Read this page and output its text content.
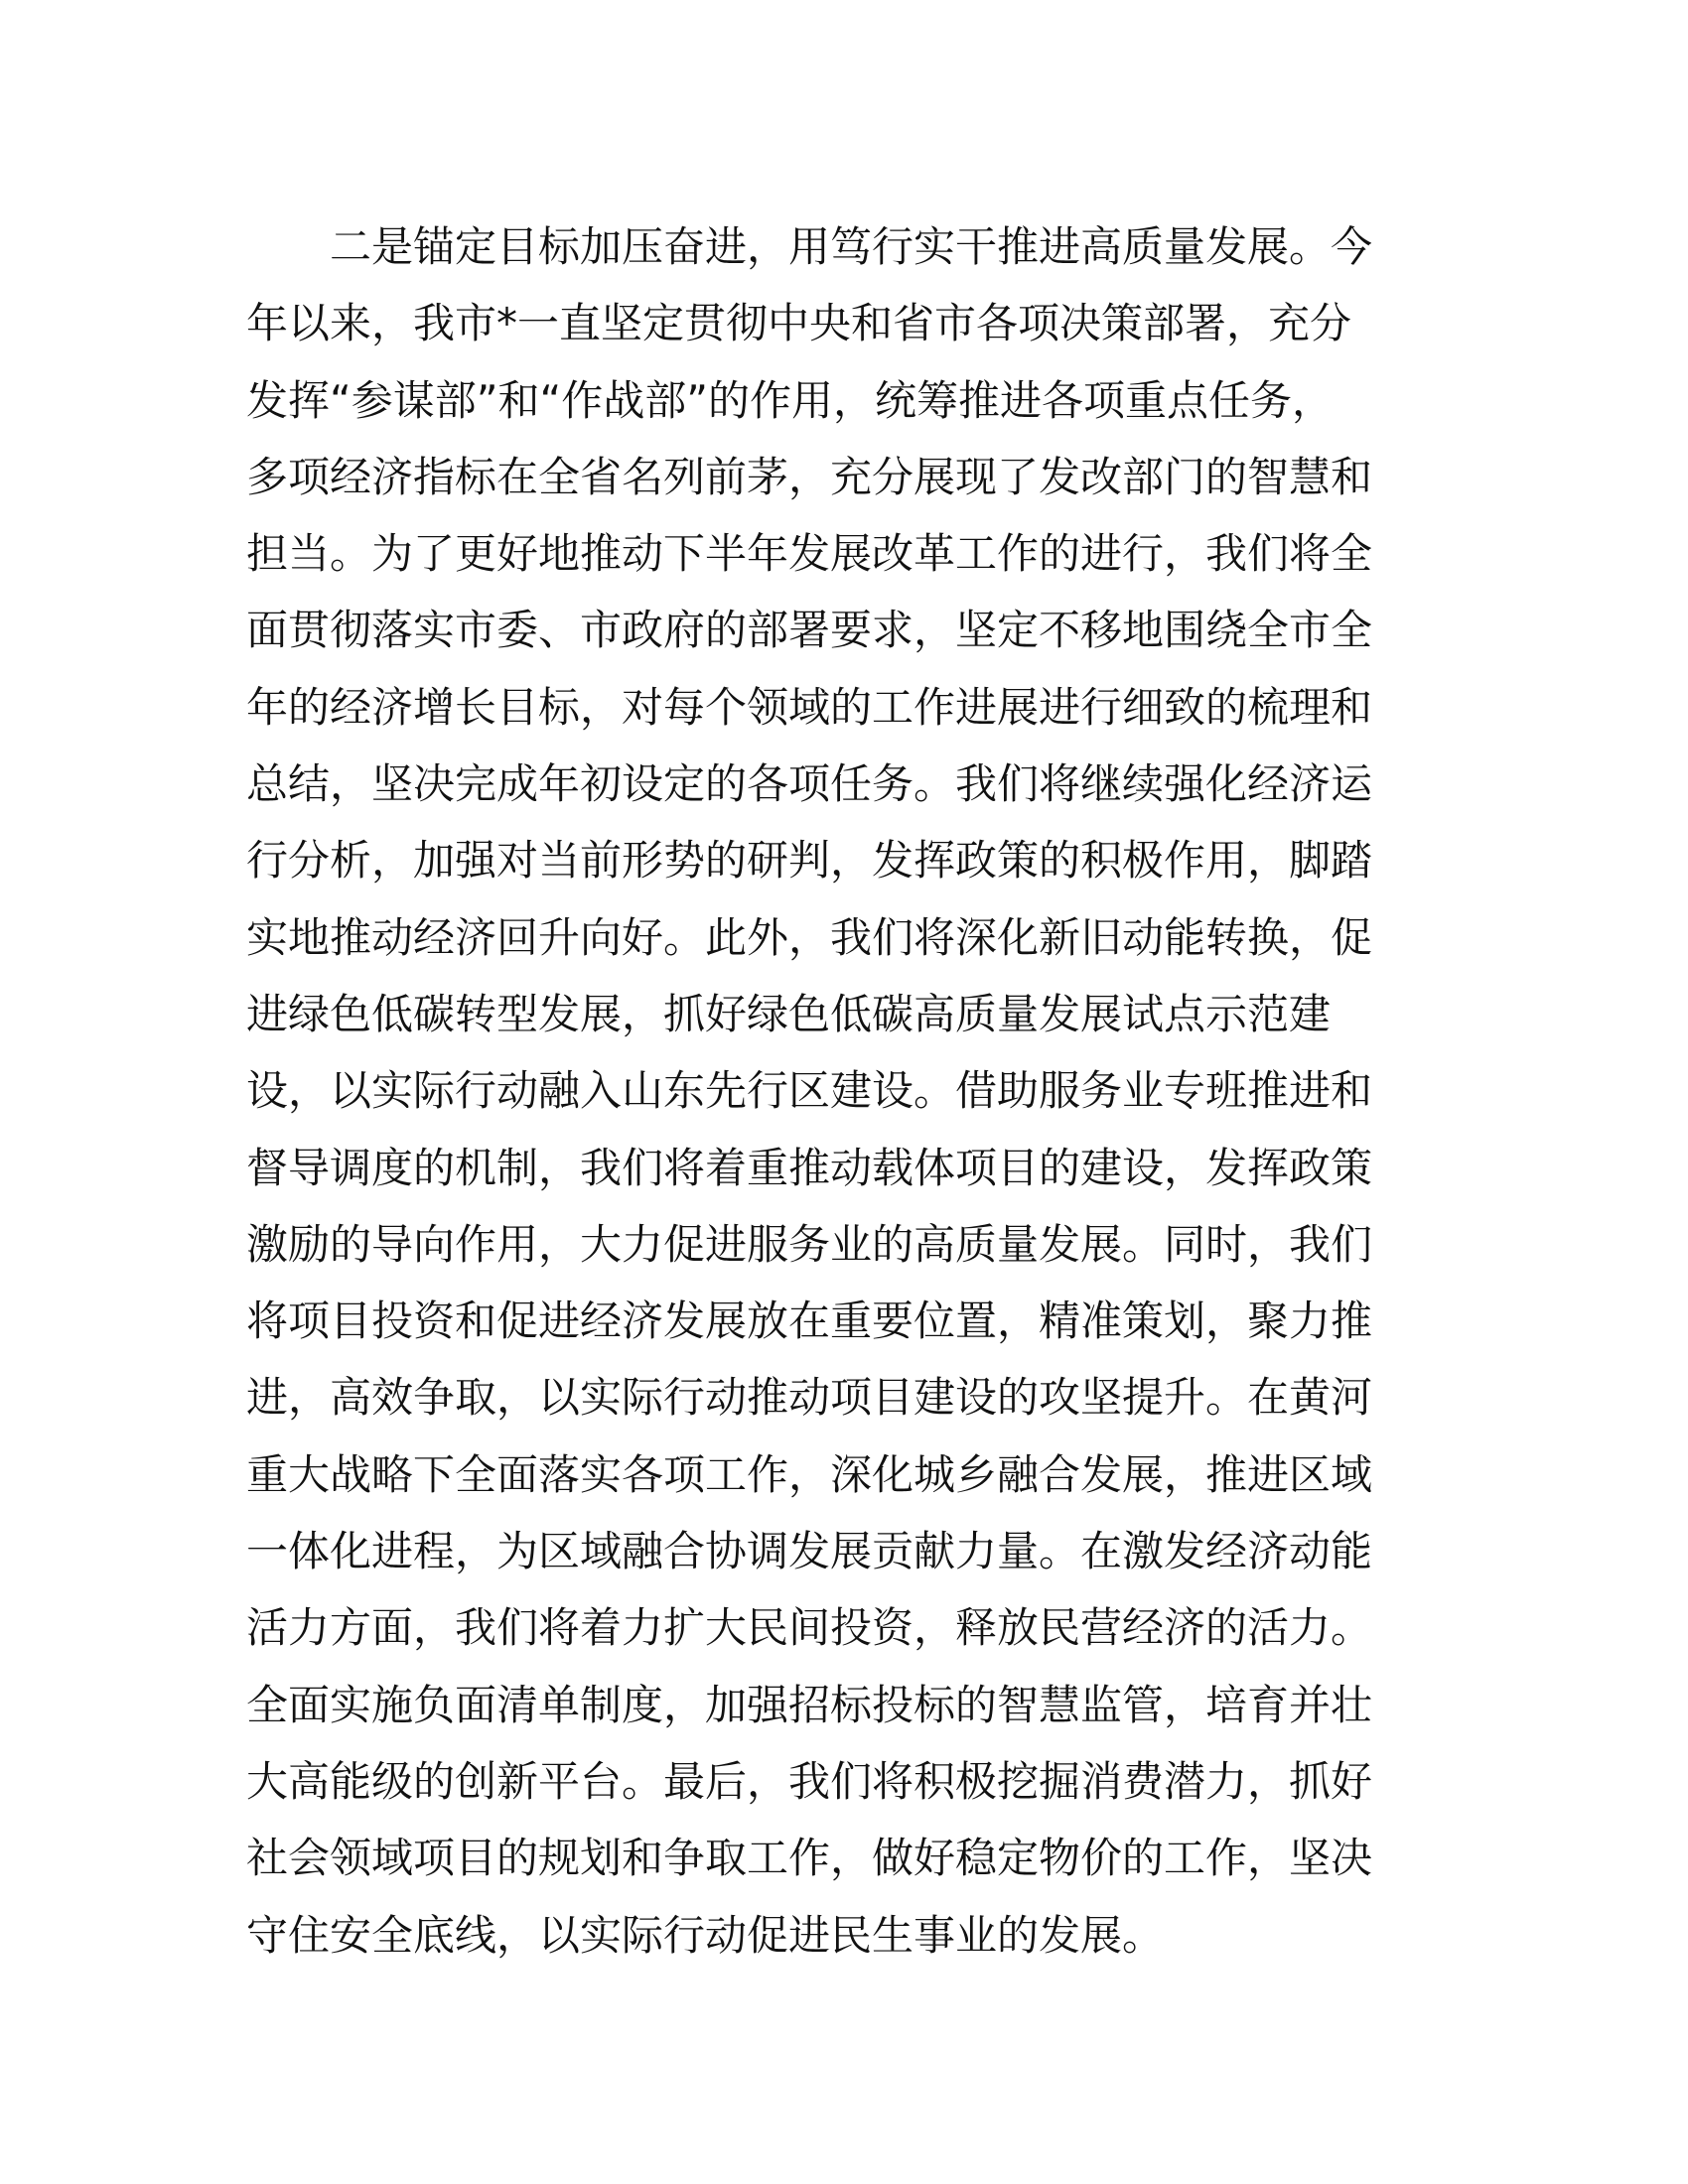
二是锚定目标加压奋进，用笃行实干推进高质量发展。今
年以来，我市*一直坚定贯彻中央和省市各项决策部署，充分
发挥“参谋部”和“作战部”的作用，统筹推进各项重点任务，
多项经济指标在全省名列前茅，充分展现了发改部门的智慧和
担当。为了更好地推动下半年发展改革工作的进行，我们将全
面贯彻落实市委、市政府的部署要求，坚定不移地围绕全市全
年的经济增长目标，对每个领域的工作进展进行细致的梳理和
总结，坚决完成年初设定的各项任务。我们将继续强化经济运
行分析，加强对当前形势的研判，发挥政策的积极作用，脚踏
实地推动经济回升向好。此外，我们将深化新旧动能转换，促
进绿色低碳转型发展，抓好绿色低碳高质量发展试点示范建
设，以实际行动融入山东先行区建设。借助服务业专班推进和
督导调度的机制，我们将着重推动载体项目的建设，发挥政策
激励的导向作用，大力促进服务业的高质量发展。同时，我们
将项目投资和促进经济发展放在重要位置，精准策划，聚力推
进，高效争取，以实际行动推动项目建设的攻坚提升。在黄河
重大战略下全面落实各项工作，深化城乡融合发展，推进区域
一体化进程，为区域融合协调发展贡献力量。在激发经济动能
活力方面，我们将着力扩大民间投资，释放民营经济的活力。
全面实施负面清单制度，加强招标投标的智慧监管，培育并壮
大高能级的创新平台。最后，我们将积极挖掘消费潜力，抓好
社会领域项目的规划和争取工作，做好稳定物价的工作，坚决
守住安全底线，以实际行动促进民生事业的发展。
